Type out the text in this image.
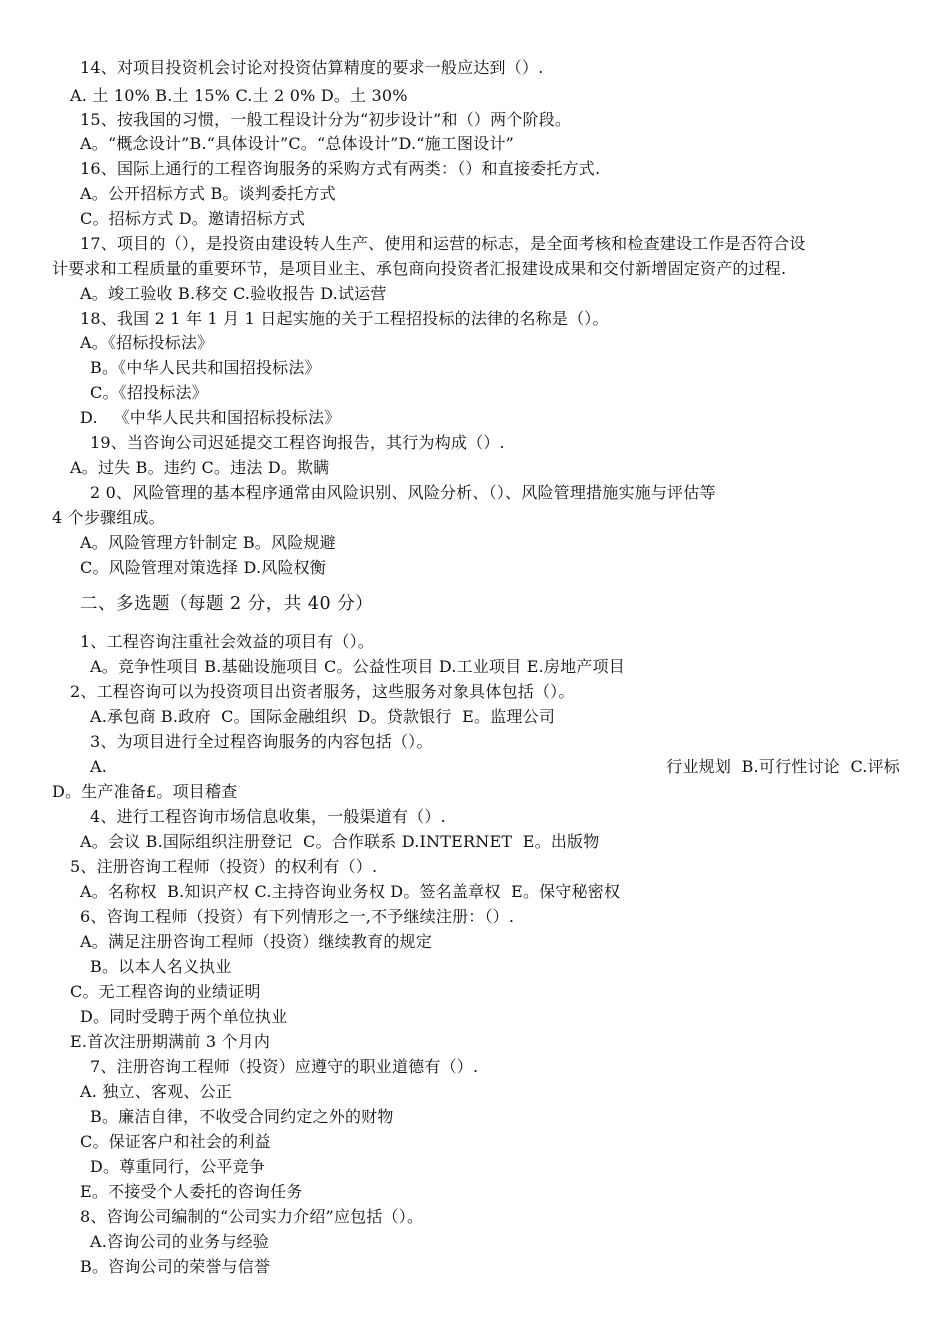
14、对项目投资机会讨论对投资估算精度的要求一般应达到（）.
A. 土 10% B.土 15% C.土 2 0% D。土 30%
15、按我国的习惯，一般工程设计分为“初步设计”和（）两个阶段。
A。“概念设计”B.“具体设计”C。“总体设计”D.“施工图设计”
16、国际上通行的工程咨询服务的采购方式有两类：（）和直接委托方式.
A。公开招标方式 B。谈判委托方式
C。招标方式 D。邀请招标方式
17、项目的（），是投资由建设转人生产、使用和运营的标志，是全面考核和检查建设工作是否符合设
计要求和工程质量的重要环节，是项目业主、承包商向投资者汇报建设成果和交付新增固定资产的过程.
A。竣工验收 B.移交 C.验收报告 D.试运营
18、我国 2 1 年 1 月 1 日起实施的关于工程招投标的法律的名称是（）。
A。《招标投标法》
B。《中华人民共和国招投标法》
C。《招投标法》
D.   《中华人民共和国招标投标法》
19、当咨询公司迟延提交工程咨询报告，其行为构成（）.
A。过失 B。违约 C。违法 D。欺瞒
2 0、风险管理的基本程序通常由风险识别、风险分析、（）、风险管理措施实施与评估等
4 个步骤组成。
A。风险管理方针制定 B。风险规避
C。风险管理对策选择 D.风险权衡
二、多选题（每题 2 分，共 40 分）
1、工程咨询注重社会效益的项目有（）。
A。竞争性项目 B.基础设施项目 C。公益性项目 D.工业项目 E.房地产项目
2、工程咨询可以为投资项目出资者服务，这些服务对象具体包括（）。
A.承包商 B.政府  C。国际金融组织  D。贷款银行  E。监理公司
3、为项目进行全过程咨询服务的内容包括（）。
A.	行业规划  B.可行性讨论  C.评标
D。生产准备£。项目稽查
4、进行工程咨询市场信息收集，一般渠道有（）.
A。会议 B.国际组织注册登记  C。合作联系 D.INTERNET  E。出版物
5、注册咨询工程师（投资）的权利有（）.
A。名称权  B.知识产权 C.主持咨询业务权 D。签名盖章权  E。保守秘密权
6、咨询工程师（投资）有下列情形之一,不予继续注册：（）.
A。满足注册咨询工程师（投资）继续教育的规定
B。以本人名义执业
C。无工程咨询的业绩证明
D。同时受聘于两个单位执业
E.首次注册期满前 3 个月内
7、注册咨询工程师（投资）应遵守的职业道德有（）.
A. 独立、客观、公正
B。廉洁自律，不收受合同约定之外的财物
C。保证客户和社会的利益
D。尊重同行，公平竞争
E。不接受个人委托的咨询任务
8、咨询公司编制的“公司实力介绍”应包括（）。
A.咨询公司的业务与经验
B。咨询公司的荣誉与信誉
